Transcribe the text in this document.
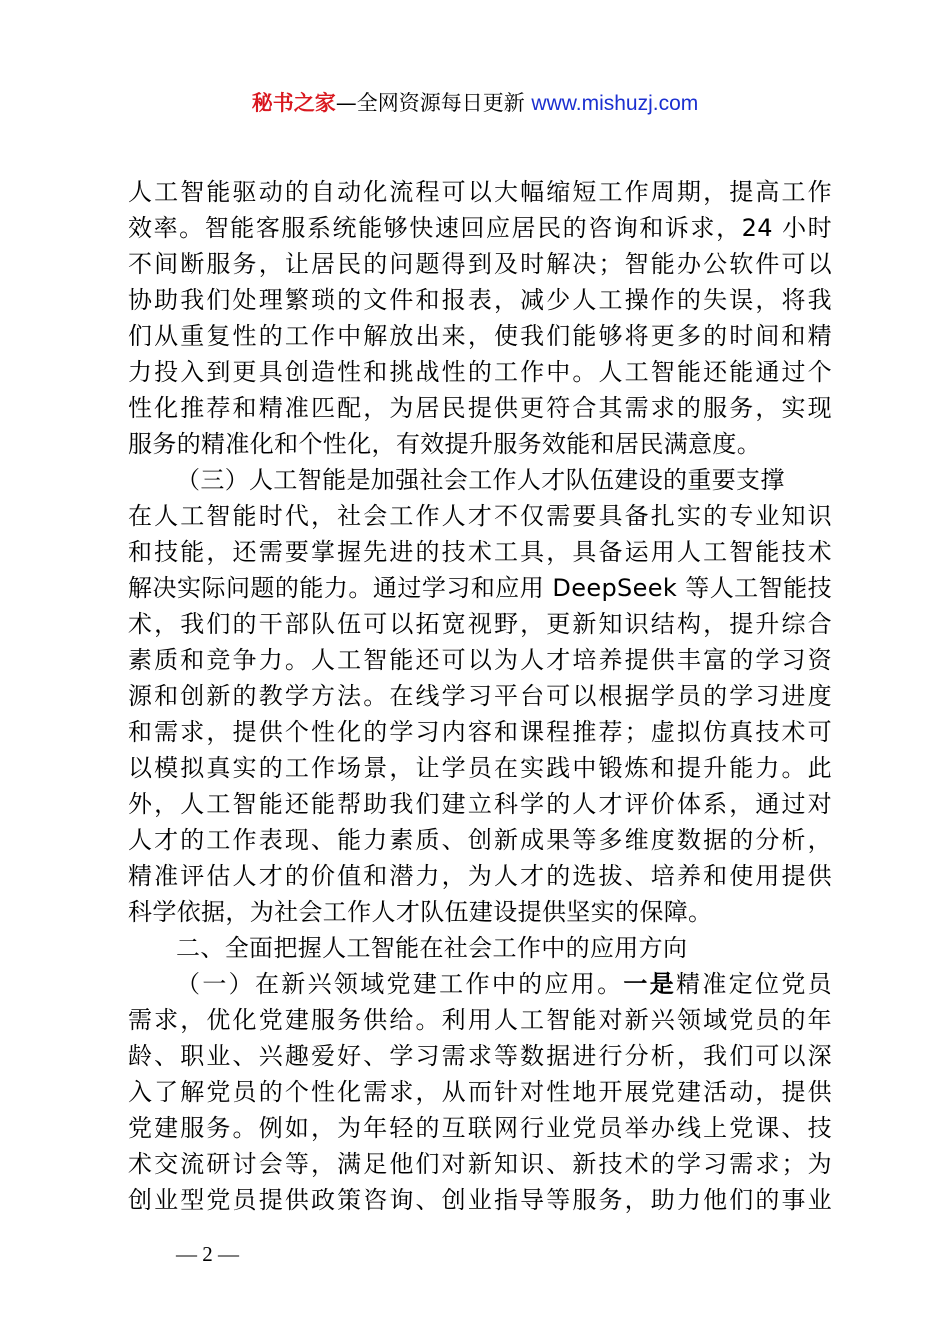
秘书之家—全网资源每日更新 www.mishuzj.com
人工智能驱动的自动化流程可以大幅缩短工作周期，提高工作
效率。智能客服系统能够快速回应居民的咨询和诉求，24 小时
不间断服务，让居民的问题得到及时解决；智能办公软件可以
协助我们处理繁琐的文件和报表，减少人工操作的失误，将我
们从重复性的工作中解放出来，使我们能够将更多的时间和精
力投入到更具创造性和挑战性的工作中。人工智能还能通过个
性化推荐和精准匹配，为居民提供更符合其需求的服务，实现
服务的精准化和个性化，有效提升服务效能和居民满意度。
（三）人工智能是加强社会工作人才队伍建设的重要支撑
在人工智能时代，社会工作人才不仅需要具备扎实的专业知识
和技能，还需要掌握先进的技术工具，具备运用人工智能技术
解决实际问题的能力。通过学习和应用 DeepSeek 等人工智能技
术，我们的干部队伍可以拓宽视野，更新知识结构，提升综合
素质和竞争力。人工智能还可以为人才培养提供丰富的学习资
源和创新的教学方法。在线学习平台可以根据学员的学习进度
和需求，提供个性化的学习内容和课程推荐；虚拟仿真技术可
以模拟真实的工作场景，让学员在实践中锻炼和提升能力。此
外，人工智能还能帮助我们建立科学的人才评价体系，通过对
人才的工作表现、能力素质、创新成果等多维度数据的分析，
精准评估人才的价值和潜力，为人才的选拔、培养和使用提供
科学依据，为社会工作人才队伍建设提供坚实的保障。
二、全面把握人工智能在社会工作中的应用方向
（一）在新兴领域党建工作中的应用。一是精准定位党员
需求，优化党建服务供给。利用人工智能对新兴领域党员的年
龄、职业、兴趣爱好、学习需求等数据进行分析，我们可以深
入了解党员的个性化需求，从而针对性地开展党建活动，提供
党建服务。例如，为年轻的互联网行业党员举办线上党课、技
术交流研讨会等，满足他们对新知识、新技术的学习需求；为
创业型党员提供政策咨询、创业指导等服务，助力他们的事业
— 2 —
